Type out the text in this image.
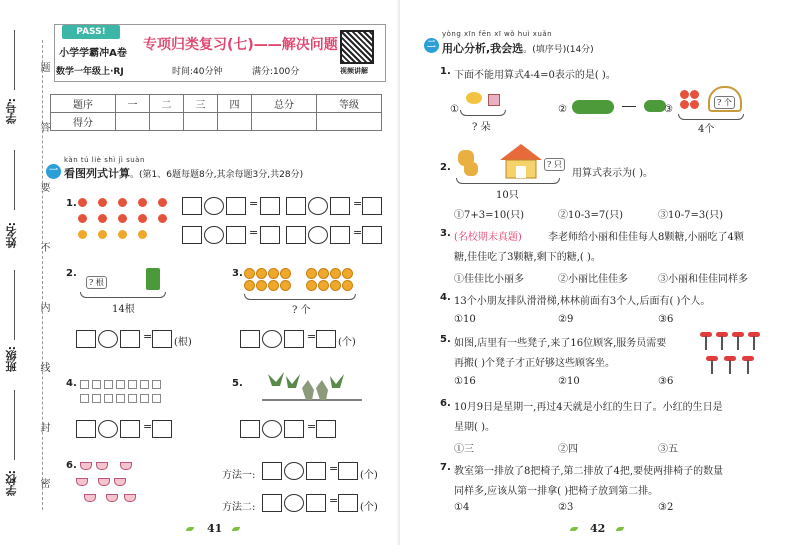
学号:
姓名:
班级:
学校:
题
答
要
不
内
线
封
密
PASS!
小学学霸冲A卷
数学一年级上·RJ
专项归类复习(七)——解决问题
时间:40分钟	满分:100分	视频讲解
题序	一	二	三	四	总分	等级
得分						
kàn tú liè shì jì suàn
一 看图列式计算。(第1、6题每题8分,其余每题3分,共28分)
1.	=	=
=	=
2.
? 根
14根
= (根)
3.
? 个
= (个)
4.
=
5.
=
6.
方法一:
=
(个)
方法二:
=
(个)
41
yòng xīn fēn xī wǒ huì xuǎn
二 用心分析,我会选。(填序号)(14分)
1. 下面不能用算式4-4=0表示的是( )。
①
? 朵
②	③
? 个
4个
2.	? 只
用算式表示为( )。
10只
①7+3=10(只)	②10-3=7(只)	③10-7=3(只)
3. (名校期末真题)	李老师给小丽和佳佳每人8颗糖,小丽吃了4颗
糖,佳佳吃了3颗糖,剩下的糖,( )。
①佳佳比小丽多	②小丽比佳佳多	③小丽和佳佳同样多
4. 13个小朋友排队滑滑梯,林林前面有3个人,后面有( )个人。
①10	②9	③6
5. 如图,店里有一些凳子,来了16位顾客,服务员需要
再搬( )个凳子才正好够这些顾客坐。
①16	②10	③6
6. 10月9日是星期一,再过4天就是小红的生日了。小红的生日是
星期( )。
①三	②四	③五
7. 教室第一排放了8把椅子,第二排放了4把,要使两排椅子的数量
同样多,应该从第一排拿( )把椅子放到第二排。
①4	②3	③2
42
